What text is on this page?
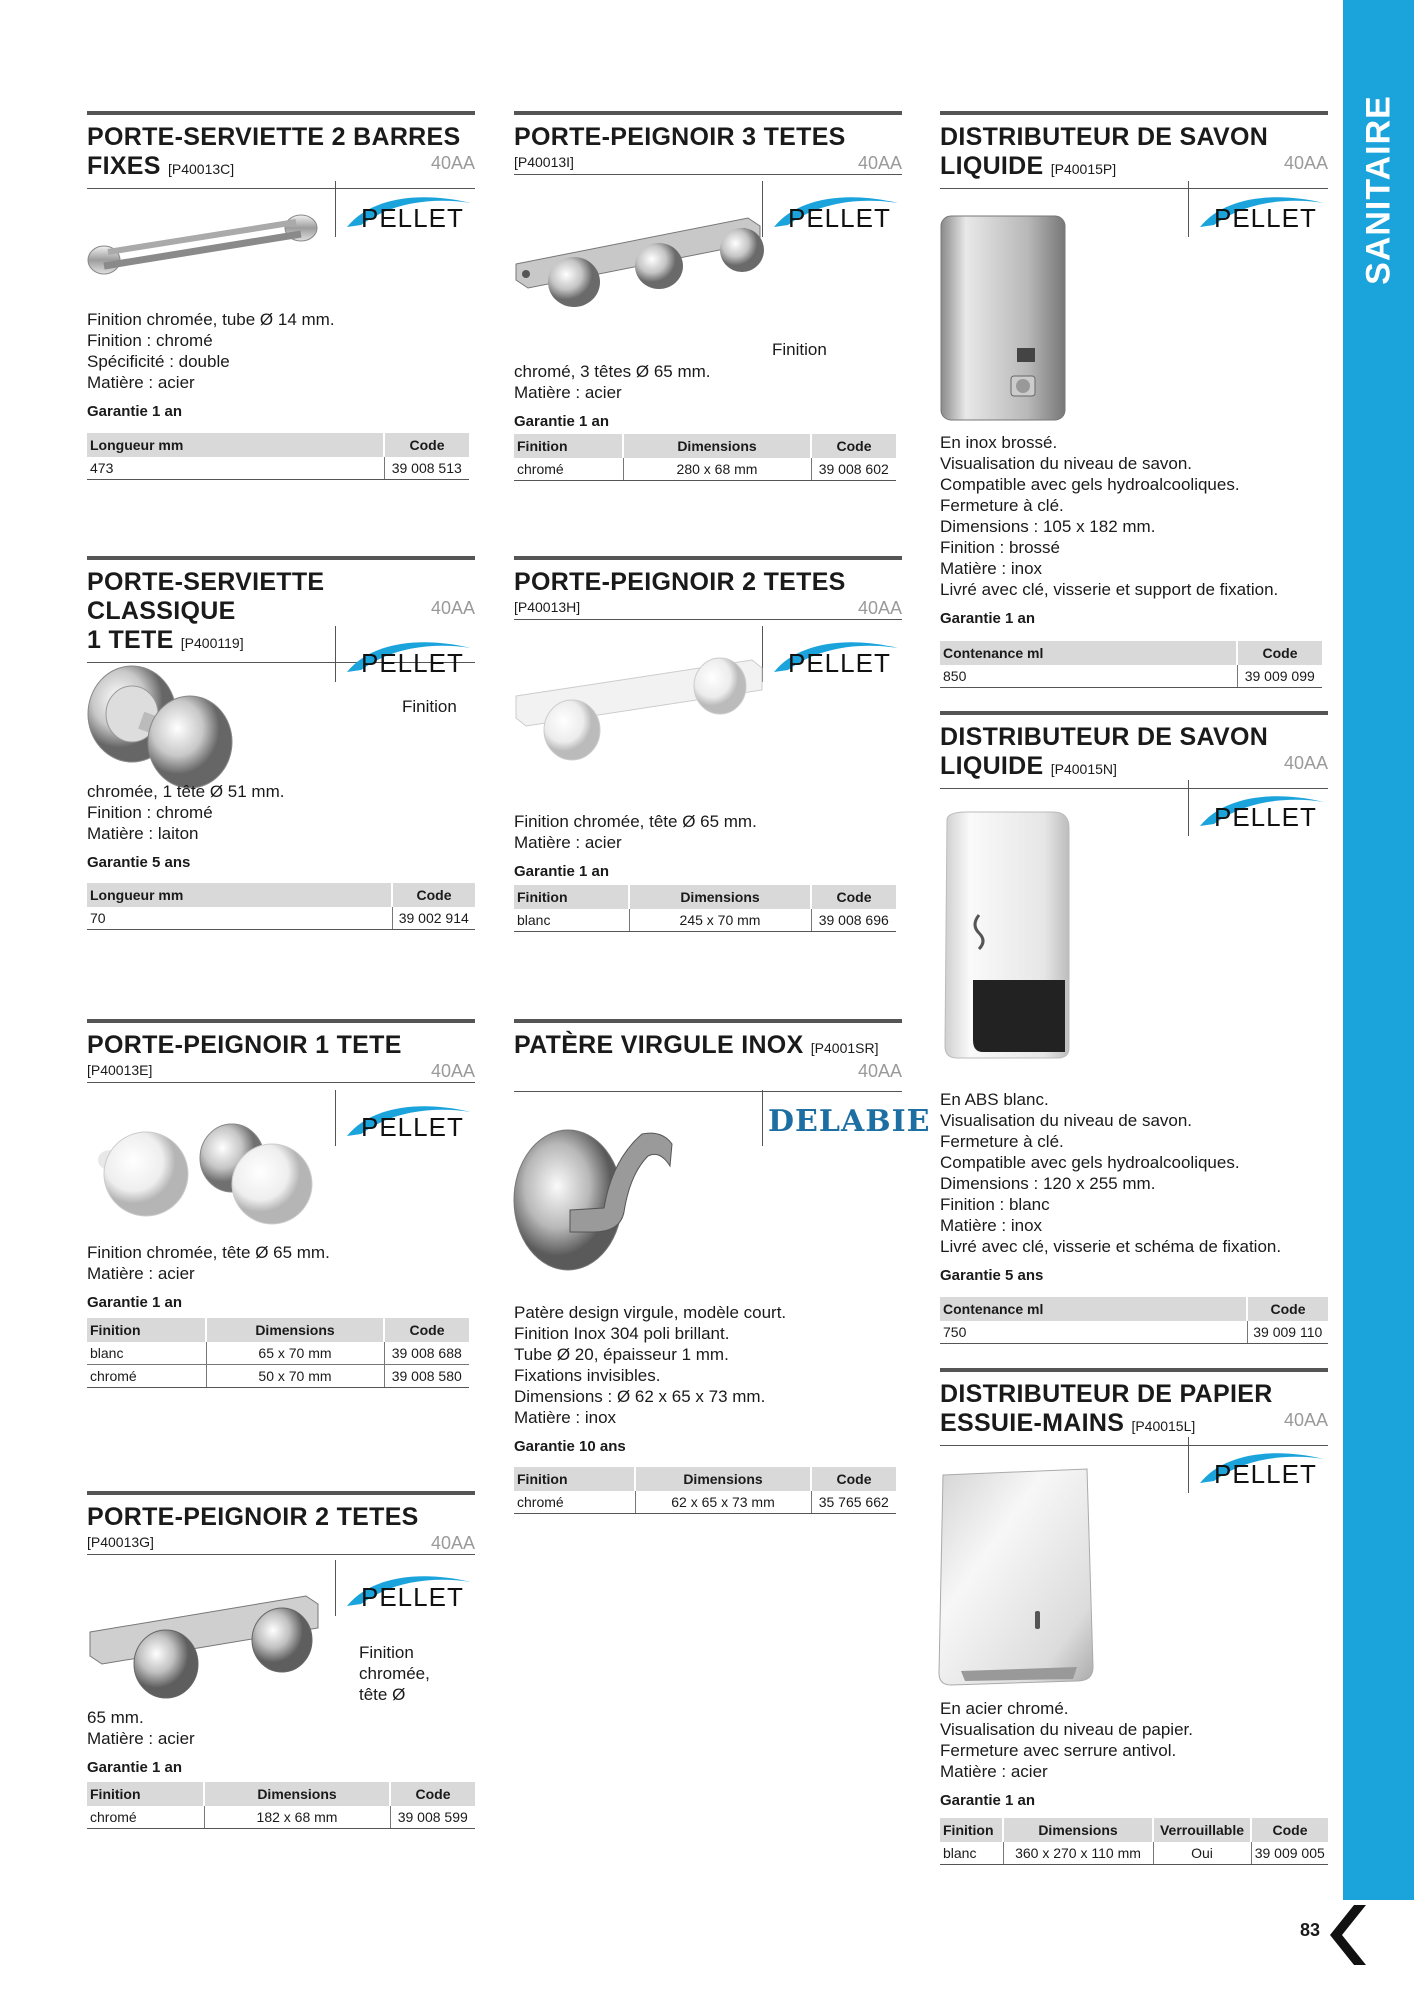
SANITAIRE
83
PORTE-SERVIETTE 2 BARRES
FIXES [P40013C]	40AA
PELLET
Finition chromée, tube Ø 14 mm.
Finition : chromé
Spécificité : double
Matière : acier
Garantie 1 an
Longueur mm	Code
473	39 008 513
PORTE-PEIGNOIR 3 TETES
[P40013I]	40AA
PELLET
Finition
chromé, 3 têtes Ø 65 mm.
Matière : acier
Garantie 1 an
Finition	Dimensions	Code
chromé	280 x 68 mm	39 008 602
DISTRIBUTEUR DE SAVON
LIQUIDE [P40015P]	40AA
PELLET
En inox brossé.
Visualisation du niveau de savon.
Compatible avec gels hydroalcooliques.
Fermeture à clé.
Dimensions : 105 x 182 mm.
Finition : brossé
Matière : inox
Livré avec clé, visserie et support de fixation.
Garantie 1 an
Contenance ml	Code
850	39 009 099
PORTE-SERVIETTE CLASSIQUE
1 TETE [P400119]
40AA
PELLET
Finition
chromée, 1 tête Ø 51 mm.
Finition : chromé
Matière : laiton
Garantie 5 ans
Longueur mm	Code
70	39 002 914
PORTE-PEIGNOIR 2 TETES
[P40013H]	40AA
PELLET
Finition chromée, tête Ø 65 mm.
Matière : acier
Garantie 1 an
Finition	Dimensions	Code
blanc	245 x 70 mm	39 008 696
DISTRIBUTEUR DE SAVON
LIQUIDE [P40015N]	40AA
PELLET
En ABS blanc.
Visualisation du niveau de savon.
Fermeture à clé.
Compatible avec gels hydroalcooliques.
Dimensions : 120 x 255 mm.
Finition : blanc
Matière : inox
Livré avec clé, visserie et schéma de fixation.
Garantie 5 ans
Contenance ml	Code
750	39 009 110
PORTE-PEIGNOIR 1 TETE
[P40013E]	40AA
PELLET
Finition chromée, tête Ø 65 mm.
Matière : acier
Garantie 1 an
Finition	Dimensions	Code
blanc	65 x 70 mm	39 008 688
chromé	50 x 70 mm	39 008 580
PATÈRE VIRGULE INOX [P4001SR]
40AA
DELABIE
Patère design virgule, modèle court.
Finition Inox 304 poli brillant.
Tube Ø 20, épaisseur 1 mm.
Fixations invisibles.
Dimensions : Ø 62 x 65 x 73 mm.
Matière : inox
Garantie 10 ans
Finition	Dimensions	Code
chromé	62 x 65 x 73 mm	35 765 662
PORTE-PEIGNOIR 2 TETES
[P40013G]	40AA
PELLET
Finition
chromée,
tête Ø
65 mm.
Matière : acier
Garantie 1 an
Finition	Dimensions	Code
chromé	182 x 68 mm	39 008 599
DISTRIBUTEUR DE PAPIER
ESSUIE-MAINS [P40015L]	40AA
PELLET
En acier chromé.
Visualisation du niveau de papier.
Fermeture avec serrure antivol.
Matière : acier
Garantie 1 an
Finition	Dimensions	Verrouillable	Code
blanc	360 x 270 x 110 mm	Oui	39 009 005
